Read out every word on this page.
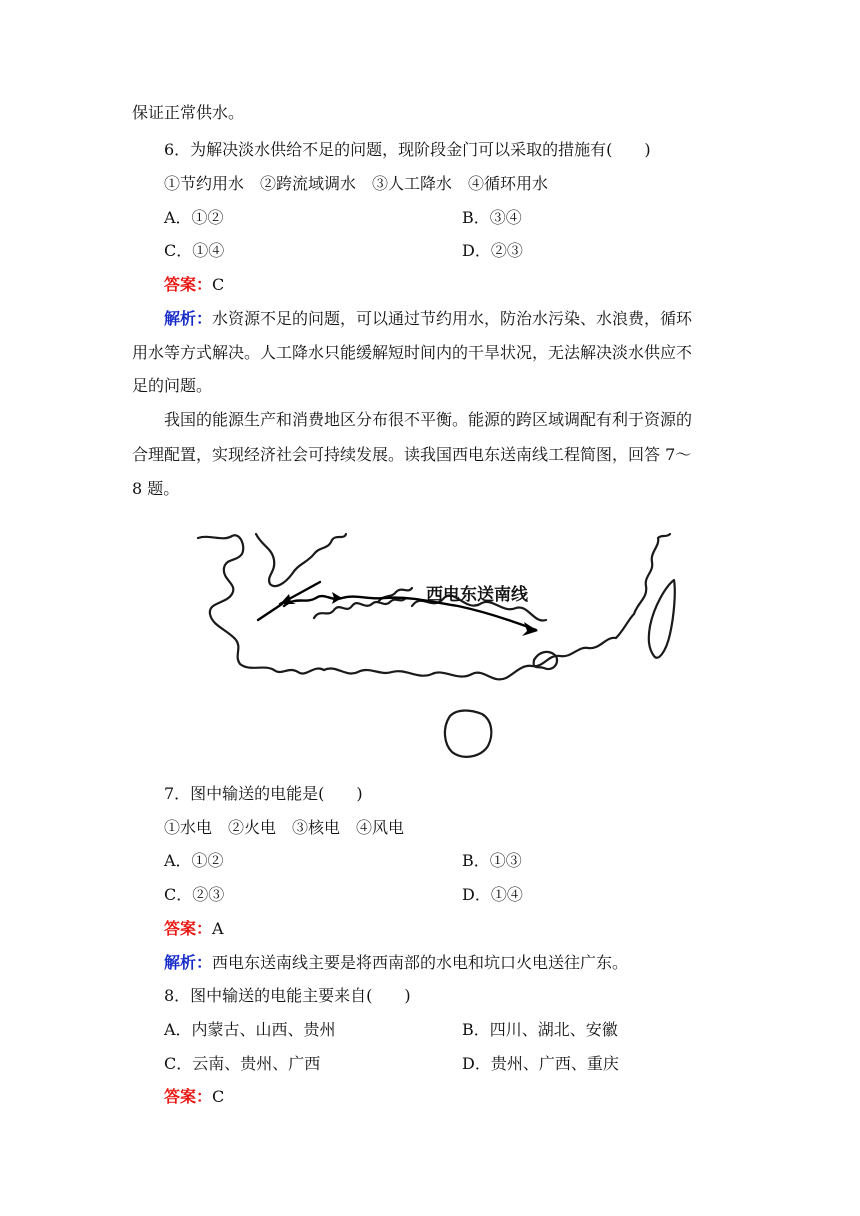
保证正常供水。
6．为解决淡水供给不足的问题，现阶段金门可以采取的措施有(　　)
①节约用水　②跨流域调水　③人工降水　④循环用水
A．①②	B．③④
C．①④	D．②③
答案：C
解析：水资源不足的问题，可以通过节约用水，防治水污染、水浪费，循环
用水等方式解决。人工降水只能缓解短时间内的干旱状况，无法解决淡水供应不
足的问题。
我国的能源生产和消费地区分布很不平衡。能源的跨区域调配有利于资源的
合理配置，实现经济社会可持续发展。读我国西电东送南线工程简图，回答 7～
8 题。
西电东送南线
7．图中输送的电能是(　　)
①水电　②火电　③核电　④风电
A．①②	B．①③
C．②③	D．①④
答案：A
解析：西电东送南线主要是将西南部的水电和坑口火电送往广东。
8．图中输送的电能主要来自(　　)
A．内蒙古、山西、贵州	B．四川、湖北、安徽
C．云南、贵州、广西	D．贵州、广西、重庆
答案：C
